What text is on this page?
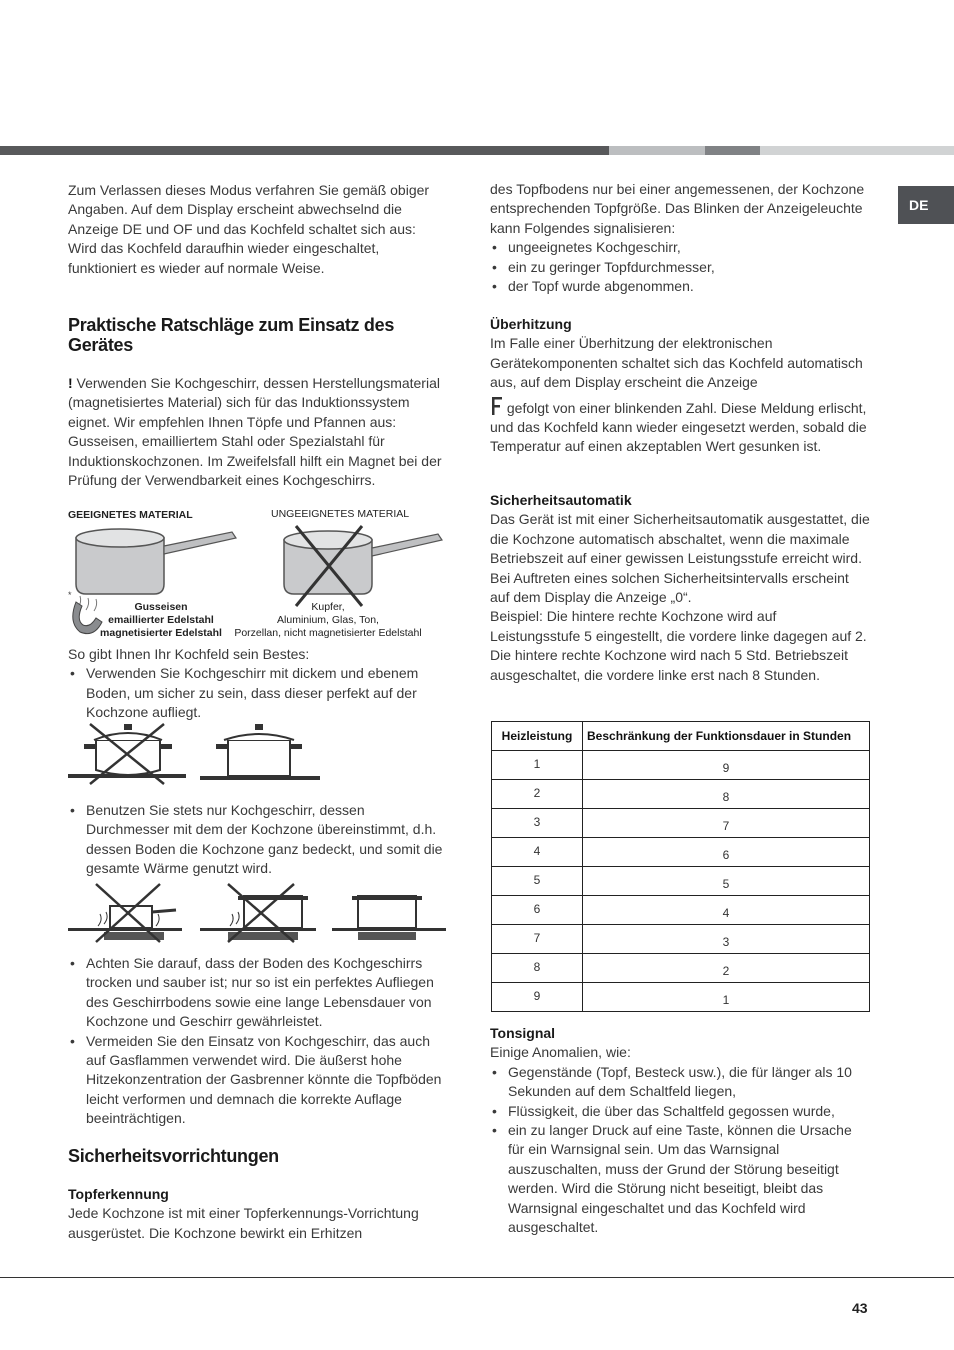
DE

Zum Verlassen dieses Modus verfahren Sie gemäß obiger Angaben. Auf dem Display erscheint abwechselnd die Anzeige DE und OF und das Kochfeld schaltet sich aus: Wird das Kochfeld daraufhin wieder eingeschaltet, funktioniert es wieder auf normale Weise.

Praktische Ratschläge zum Einsatz des Gerätes

! Verwenden Sie Kochgeschirr, dessen Herstellungsmaterial (magnetisiertes Material) sich für das Induktionssystem eignet. Wir empfehlen Ihnen Töpfe und Pfannen aus: Gusseisen, emailliertem Stahl oder Spezialstahl für Induktionskochzonen. Im Zweifelsfall hilft ein Magnet bei der Prüfung der Verwendbarkeit eines Kochgeschirrs.

GEEIGNETES MATERIAL	UNGEEIGNETES MATERIAL
*
Gusseisen
emaillierter Edelstahl
magnetisierter Edelstahl
Kupfer,
Aluminium, Glas, Ton,
Porzellan, nicht magnetisierter Edelstahl

So gibt Ihnen Ihr Kochfeld sein Bestes:

• Verwenden Sie Kochgeschirr mit dickem und ebenem Boden, um sicher zu sein, dass dieser perfekt auf der Kochzone aufliegt.
• Benutzen Sie stets nur Kochgeschirr, dessen Durchmesser mit dem der Kochzone übereinstimmt, d.h. dessen Boden die Kochzone ganz bedeckt, und somit die gesamte Wärme genutzt wird.
• Achten Sie darauf, dass der Boden des Kochgeschirrs trocken und sauber ist; nur so ist ein perfektes Aufliegen des Geschirrbodens sowie eine lange Lebensdauer von Kochzone und Geschirr gewährleistet.
• Vermeiden Sie den Einsatz von Kochgeschirr, das auch auf Gasflammen verwendet wird. Die äußerst hohe Hitzekonzentration der Gasbrenner könnte die Topfböden leicht verformen und demnach die korrekte Auflage beeinträchtigen.
Sicherheitsvorrichtungen

Topferkennung

Jede Kochzone ist mit einer Topferkennungs-Vorrichtung ausgerüstet. Die Kochzone bewirkt ein Erhitzen

des Topfbodens nur bei einer angemessenen, der Kochzone entsprechenden Topfgröße. Das Blinken der Anzeigeleuchte kann Folgendes signalisieren:

• ungeeignetes Kochgeschirr,
• ein zu geringer Topfdurchmesser,
• der Topf wurde abgenommen.

Überhitzung

Im Falle einer Überhitzung der elektronischen Gerätekomponenten schaltet sich das Kochfeld automatisch aus, auf dem Display erscheint die Anzeige

gefolgt von einer blinkenden Zahl. Diese Meldung erlischt, und das Kochfeld kann wieder eingesetzt werden, sobald die Temperatur auf einen akzeptablen Wert gesunken ist.

Sicherheitsautomatik

Das Gerät ist mit einer Sicherheitsautomatik ausgestattet, die die Kochzone automatisch abschaltet, wenn die maximale Betriebszeit auf einer gewissen Leistungsstufe erreicht wird. Bei Auftreten eines solchen Sicherheitsintervalls erscheint auf dem Display die Anzeige „0“.

Beispiel: Die hintere rechte Kochzone wird auf Leistungsstufe 5 eingestellt, die vordere linke dagegen auf 2. Die hintere rechte Kochzone wird nach 5 Std. Betriebszeit ausgeschaltet, die vordere linke erst nach 8 Stunden.

Heizleistung	Beschränkung der Funktionsdauer in Stunden
1	9
2	8
3	7
4	6
5	5
6	4
7	3
8	2
9	1

Tonsignal

Einige Anomalien, wie:

• Gegenstände (Topf, Besteck usw.), die für länger als 10 Sekunden auf dem Schaltfeld liegen,
• Flüssigkeit, die über das Schaltfeld gegossen wurde,
• ein zu langer Druck auf eine Taste, können die Ursache für ein Warnsignal sein. Um das Warnsignal auszuschalten, muss der Grund der Störung beseitigt werden. Wird die Störung nicht beseitigt, bleibt das Warnsignal eingeschaltet und das Kochfeld wird ausgeschaltet.
43
